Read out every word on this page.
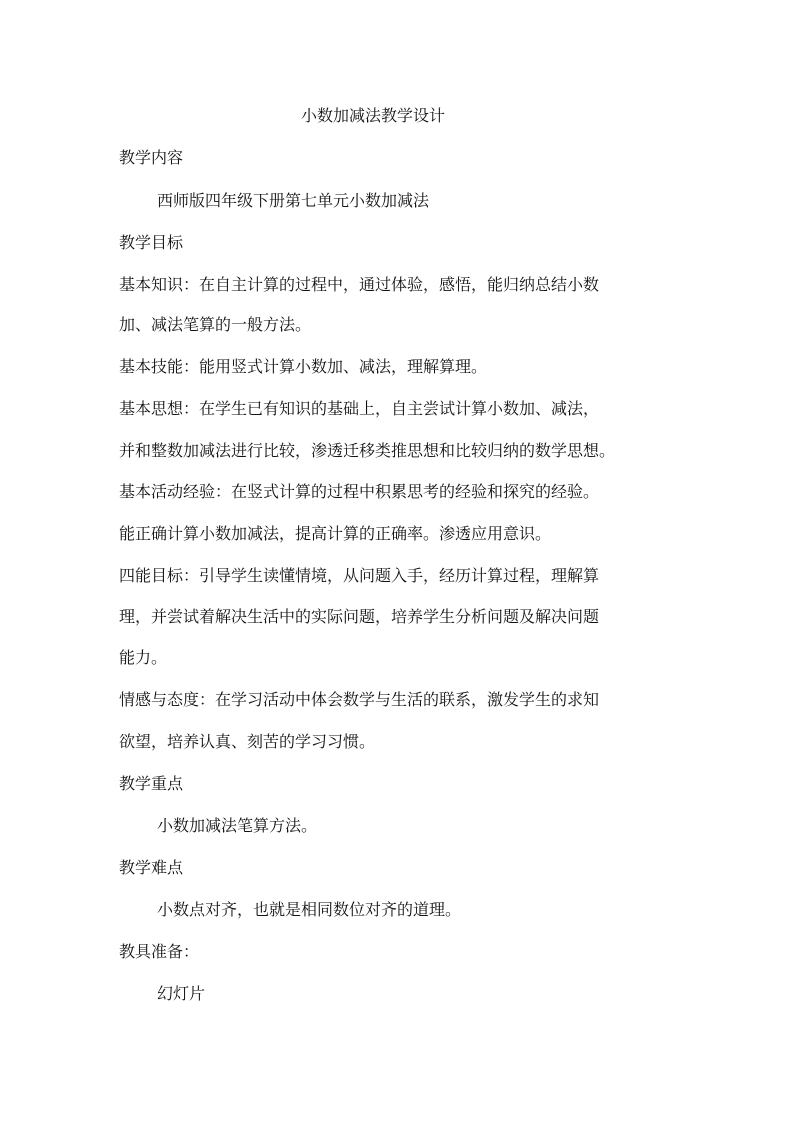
小数加减法教学设计
教学内容
西师版四年级下册第七单元小数加减法
教学目标
基本知识：在自主计算的过程中，通过体验，感悟，能归纳总结小数
加、减法笔算的一般方法。
基本技能：能用竖式计算小数加、减法，理解算理。
基本思想：在学生已有知识的基础上，自主尝试计算小数加、减法，
并和整数加减法进行比较，渗透迁移类推思想和比较归纳的数学思想。
基本活动经验：在竖式计算的过程中积累思考的经验和探究的经验。
能正确计算小数加减法，提高计算的正确率。渗透应用意识。
四能目标：引导学生读懂情境，从问题入手，经历计算过程，理解算
理，并尝试着解决生活中的实际问题，培养学生分析问题及解决问题
能力。
情感与态度：在学习活动中体会数学与生活的联系，激发学生的求知
欲望，培养认真、刻苦的学习习惯。
教学重点
小数加减法笔算方法。
教学难点
小数点对齐，也就是相同数位对齐的道理。
教具准备：
幻灯片
